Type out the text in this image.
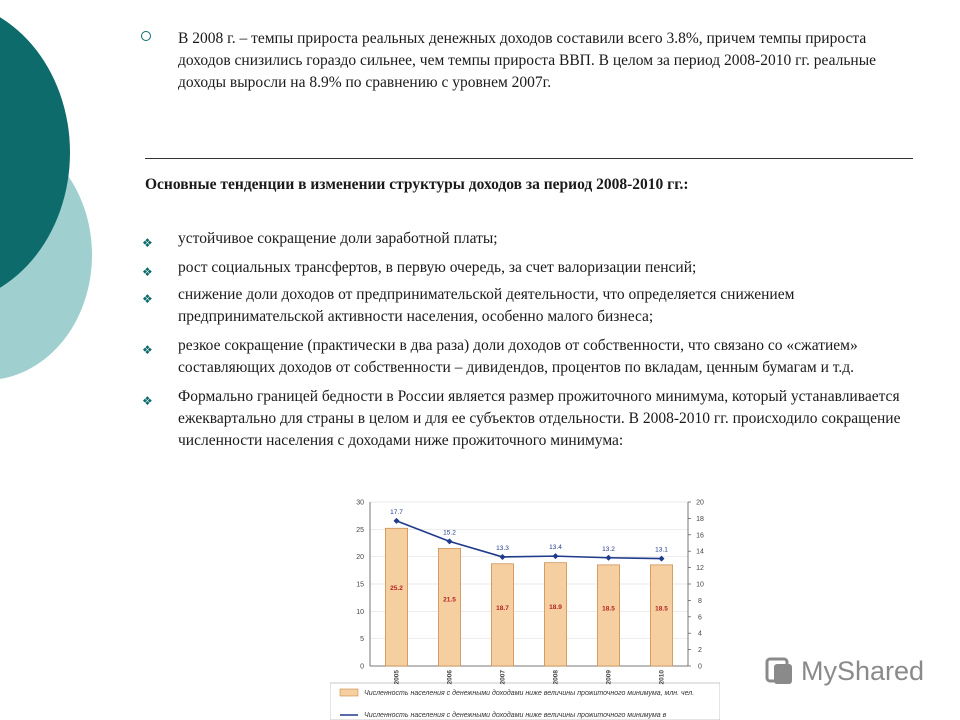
В 2008 г. – темпы прироста реальных денежных доходов составили всего 3.8%, причем темпы прироста доходов снизились гораздо сильнее, чем темпы прироста ВВП. В целом за период 2008-2010 гг. реальные доходы выросли на 8.9% по сравнению с уровнем 2007г.

Основные тенденции в изменении структуры доходов за период 2008-2010 гг.:

❖ устойчивое сокращение доли заработной платы;
❖ рост социальных трансфертов, в первую очередь, за счет валоризации пенсий;
❖ снижение доли доходов от предпринимательской деятельности, что определяется снижением предпринимательской активности населения, особенно малого бизнеса;
❖ резкое сокращение (практически в два раза) доли доходов от собственности, что связано со «сжатием» составляющих доходов от собственности – дивидендов, процентов по вкладам, ценным бумагам и т.д.
❖ Формально границей бедности в России является размер прожиточного минимума, который устанавливается ежеквартально для страны в целом и для ее субъектов отдельности. В 2008-2010 гг. происходило сокращение численности населения с доходами ниже прожиточного минимума:
0
5
10
15
20
25
30
0
2
4
6
8
10
12
14
16
18
20
25.2
2005
21.5
2006
18.7
2007
18.9
2008
18.5
2009
18.5
2010
17.7
15.2
13.3	13.4	13.2	13.1
Численность населения с денежными доходами ниже величины прожиточного минимума, млн. чел.
Численность населения с денежными доходами ниже величины прожиточного минимума в
MyShared
